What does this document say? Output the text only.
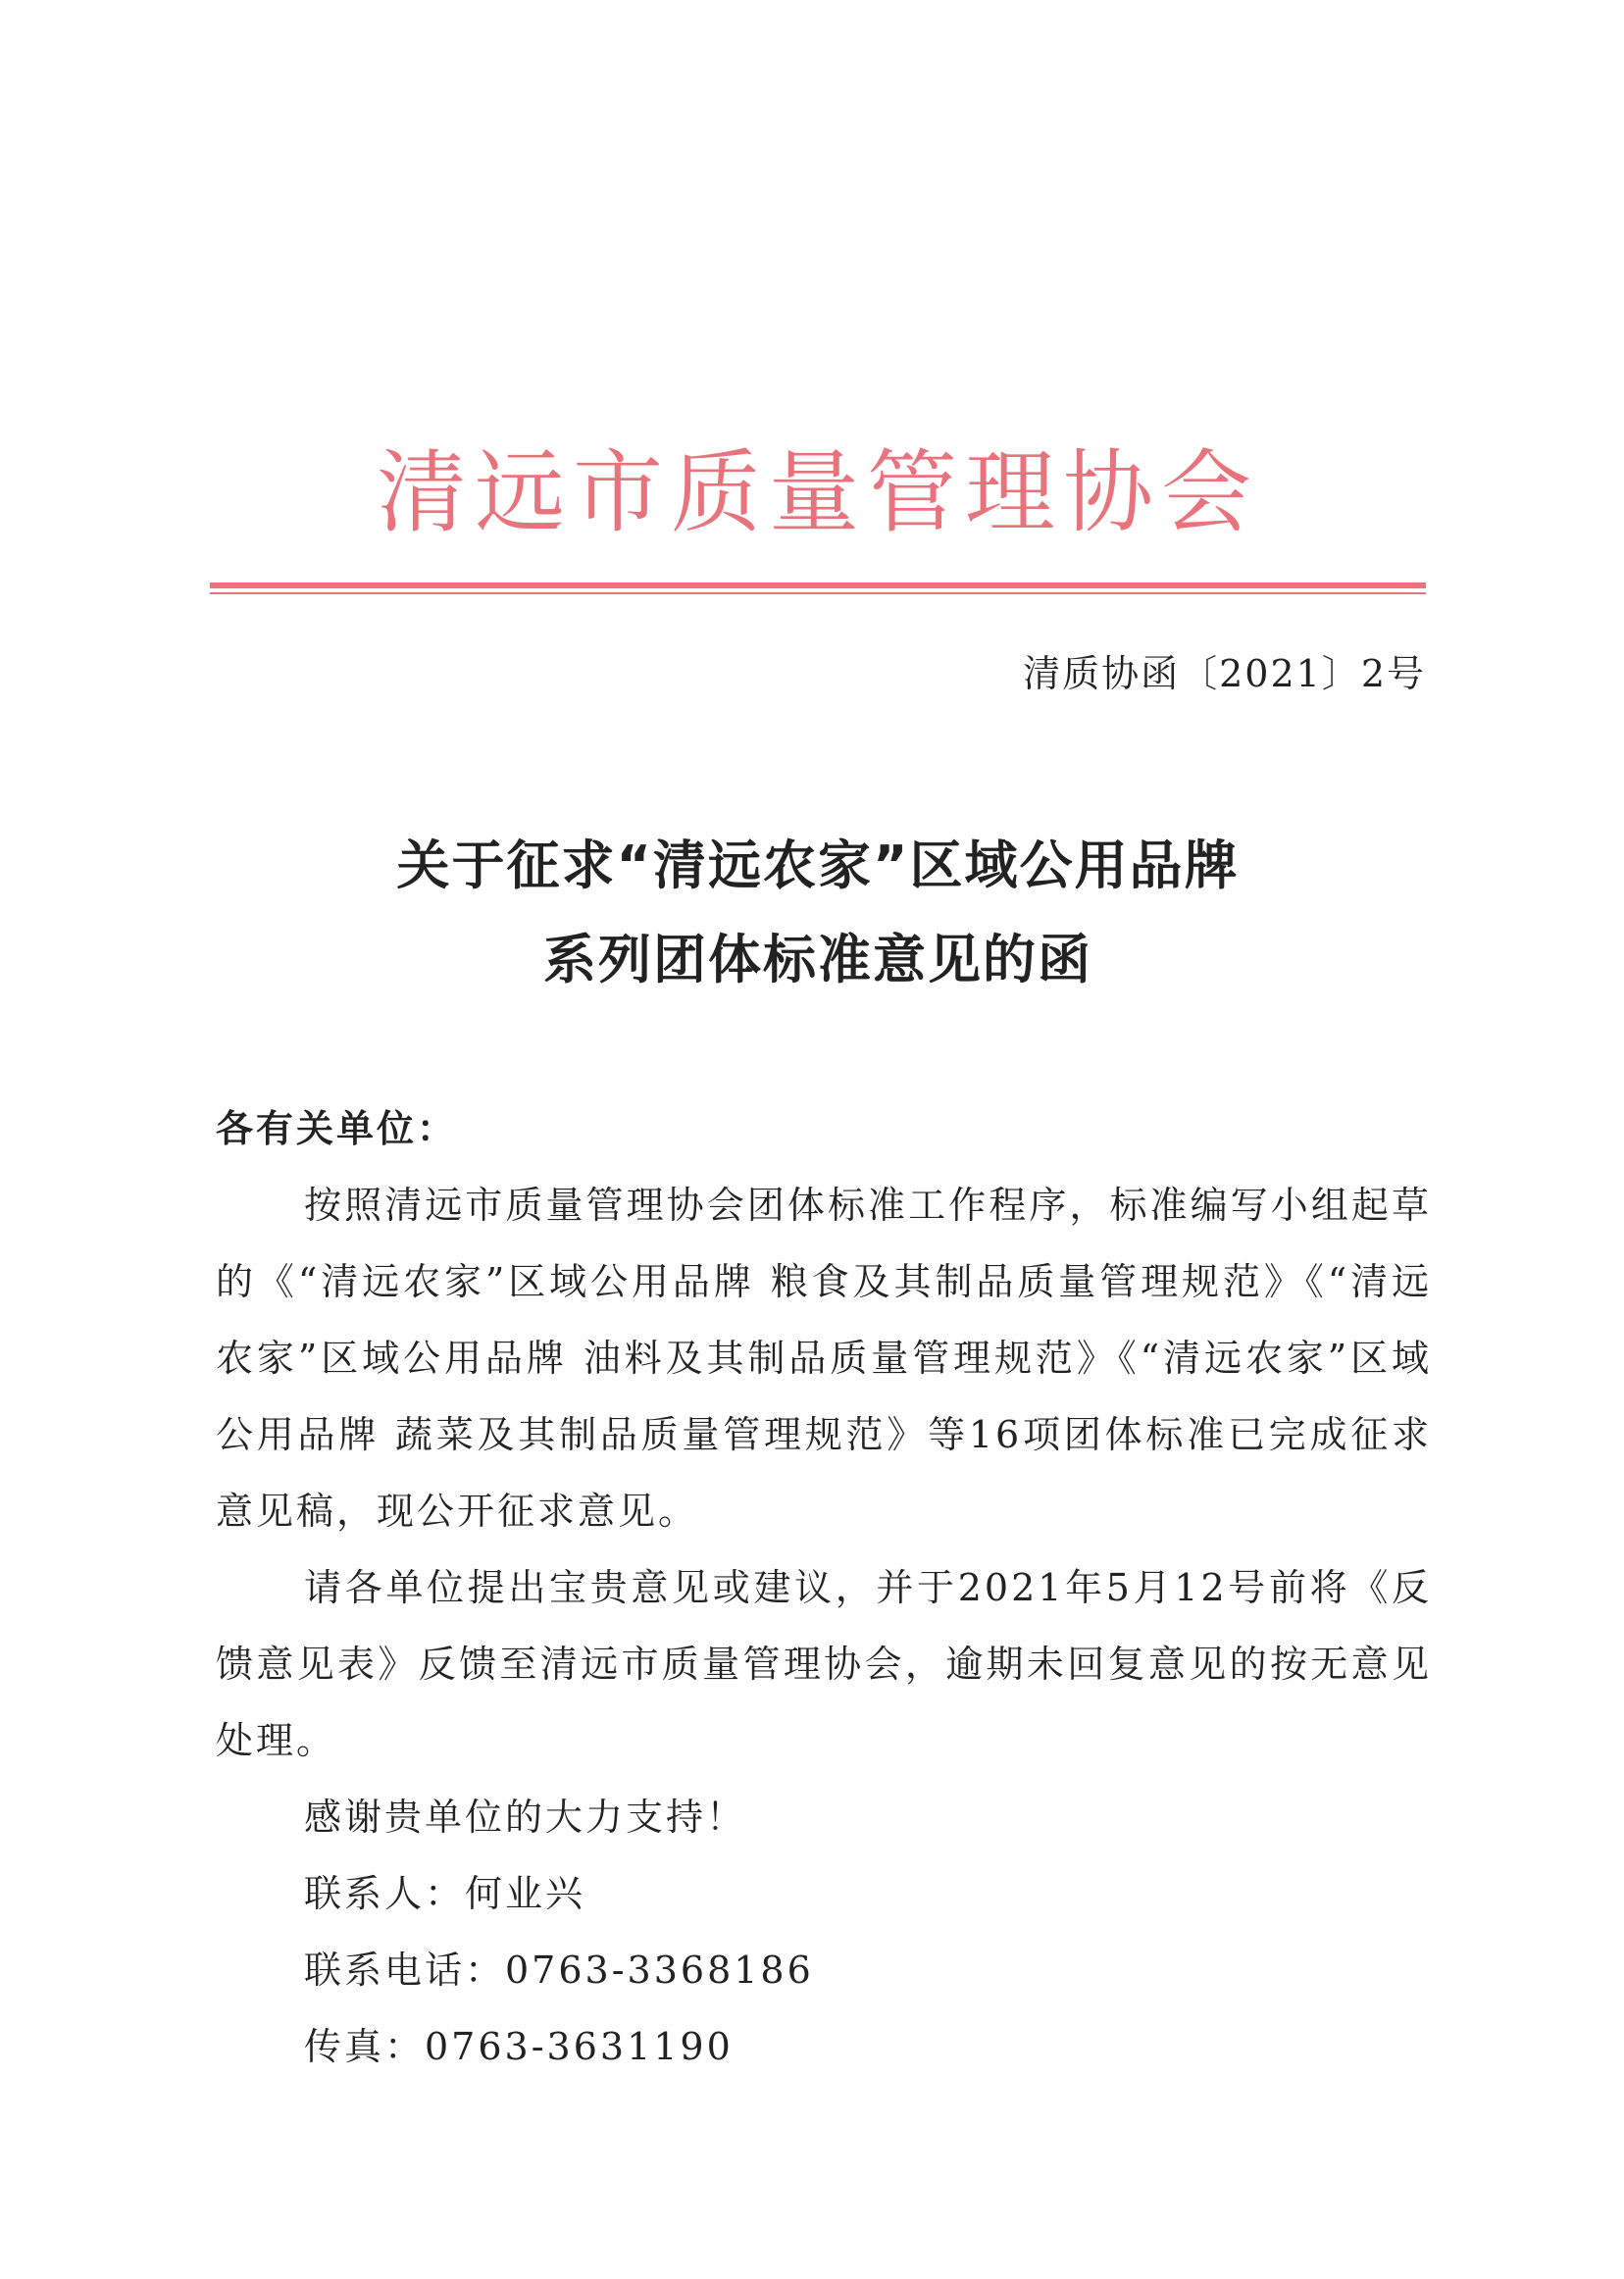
清远市质量管理协会
清质协函〔2021〕2号
关于征求“清远农家”区域公用品牌
系列团体标准意见的函

各有关单位：

按照清远市质量管理协会团体标准工作程序，标准编写小组起草的《“清远农家”区域公用品牌 粮食及其制品质量管理规范》《“清远农家”区域公用品牌 油料及其制品质量管理规范》《“清远农家”区域公用品牌 蔬菜及其制品质量管理规范》等16项团体标准已完成征求意见稿，现公开征求意见。

请各单位提出宝贵意见或建议，并于2021年5月12号前将《反馈意见表》反馈至清远市质量管理协会，逾期未回复意见的按无意见处理。

感谢贵单位的大力支持！

联系人：何业兴

联系电话：0763-3368186

传真：0763-3631190
